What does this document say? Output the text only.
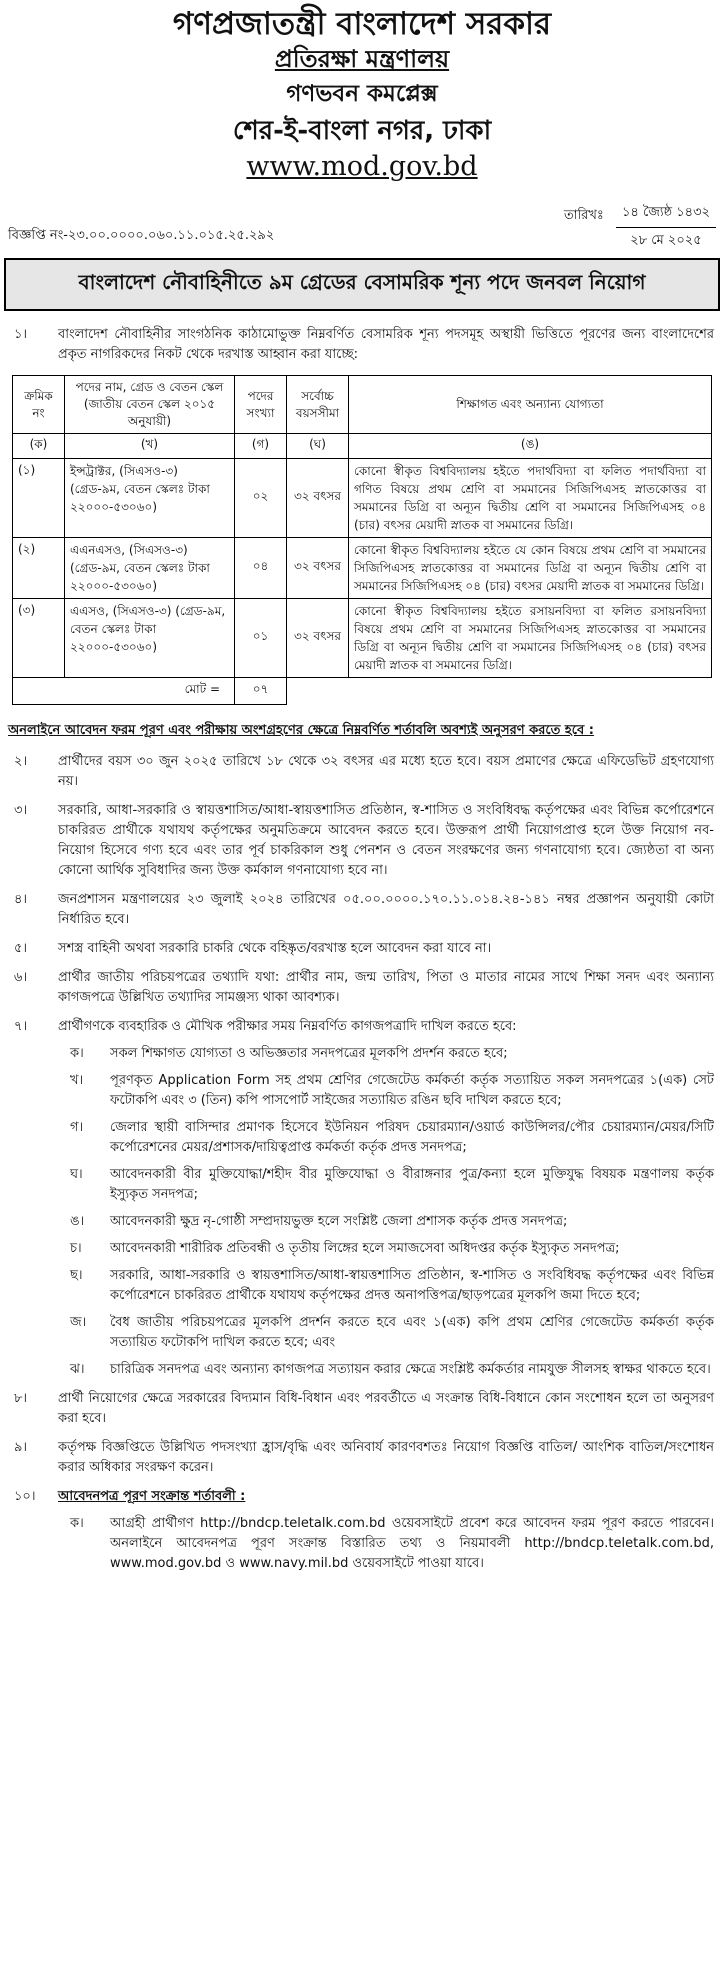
গণপ্রজাতন্ত্রী বাংলাদেশ সরকার
প্রতিরক্ষা মন্ত্রণালয়
গণভবন কমপ্লেক্স
শের-ই-বাংলা নগর, ঢাকা
www.mod.gov.bd
বিজ্ঞপ্তি নং-২৩.০০.০০০০.০৬০.১১.০১৫.২৫.২৯২
তারিখঃ	১৪ জ্যৈষ্ঠ ১৪৩২
২৮ মে ২০২৫
বাংলাদেশ নৌবাহিনীতে ৯ম গ্রেডের বেসামরিক শূন্য পদে জনবল নিয়োগ
১।	বাংলাদেশ নৌবাহিনীর সাংগঠনিক কাঠামোভুক্ত নিম্নবর্ণিত বেসামরিক শূন্য পদসমূহ অস্থায়ী ভিত্তিতে পূরণের জন্য বাংলাদেশের প্রকৃত নাগরিকদের নিকট থেকে দরখাস্ত আহ্বান করা যাচ্ছে:
ক্রমিক নং	পদের নাম, গ্রেড ও বেতন স্কেল (জাতীয় বেতন স্কেল ২০১৫ অনুযায়ী)	পদের সংখ্যা	সর্বোচ্চ বয়সসীমা	শিক্ষাগত এবং অন্যান্য যোগ্যতা
(ক)	(খ)	(গ)	(ঘ)	(ঙ)
(১)	ইন্সট্রাক্টর, (সিএসও-৩) (গ্রেড-৯ম, বেতন স্কেলঃ টাকা ২২০০০-৫৩০৬০)	০২	৩২ বৎসর	কোনো স্বীকৃত বিশ্ববিদ্যালয় হইতে পদার্থবিদ্যা বা ফলিত পদার্থবিদ্যা বা গণিত বিষয়ে প্রথম শ্রেণি বা সমমানের সিজিপিএসহ স্নাতকোত্তর বা সমমানের ডিগ্রি বা অন্যূন দ্বিতীয় শ্রেণি বা সমমানের সিজিপিএসহ ০৪ (চার) বৎসর মেয়াদী স্নাতক বা সমমানের ডিগ্রি।
(২)	এএনএসও, (সিএসও-৩) (গ্রেড-৯ম, বেতন স্কেলঃ টাকা ২২০০০-৫৩০৬০)	০৪	৩২ বৎসর	কোনো স্বীকৃত বিশ্ববিদ্যালয় হইতে যে কোন বিষয়ে প্রথম শ্রেণি বা সমমানের সিজিপিএসহ স্নাতকোত্তর বা সমমানের ডিগ্রি বা অন্যূন দ্বিতীয় শ্রেণি বা সমমানের সিজিপিএসহ ০৪ (চার) বৎসর মেয়াদী স্নাতক বা সমমানের ডিগ্রি।
(৩)	এএসও, (সিএসও-৩) (গ্রেড-৯ম, বেতন স্কেলঃ টাকা ২২০০০-৫৩০৬০)	০১	৩২ বৎসর	কোনো স্বীকৃত বিশ্ববিদ্যালয় হইতে রসায়নবিদ্যা বা ফলিত রসায়নবিদ্যা বিষয়ে প্রথম শ্রেণি বা সমমানের সিজিপিএসহ স্নাতকোত্তর বা সমমানের ডিগ্রি বা অন্যূন দ্বিতীয় শ্রেণি বা সমমানের সিজিপিএসহ ০৪ (চার) বৎসর মেয়াদী স্নাতক বা সমমানের ডিগ্রি।
মোট =		০৭		
অনলাইনে আবেদন ফরম পূরণ এবং পরীক্ষায় অংশগ্রহণের ক্ষেত্রে নিম্নবর্ণিত শর্তাবলি অবশ্যই অনুসরণ করতে হবে :
২।	প্রার্থীদের বয়স ৩০ জুন ২০২৫ তারিখে ১৮ থেকে ৩২ বৎসর এর মধ্যে হতে হবে। বয়স প্রমাণের ক্ষেত্রে এফিডেভিট গ্রহণযোগ্য নয়।
৩।	সরকারি, আধা-সরকারি ও স্বায়ত্তশাসিত/আধা-স্বায়ত্তশাসিত প্রতিষ্ঠান, স্ব-শাসিত ও সংবিধিবদ্ধ কর্তৃপক্ষের এবং বিভিন্ন কর্পোরেশনে চাকরিরত প্রার্থীকে যথাযথ কর্তৃপক্ষের অনুমতিক্রমে আবেদন করতে হবে। উক্তরূপ প্রার্থী নিয়োগপ্রাপ্ত হলে উক্ত নিয়োগ নব-নিয়োগ হিসেবে গণ্য হবে এবং তার পূর্ব চাকরিকাল শুধু পেনশন ও বেতন সংরক্ষণের জন্য গণনাযোগ্য হবে। জ্যেষ্ঠতা বা অন্য কোনো আর্থিক সুবিধাদির জন্য উক্ত কর্মকাল গণনাযোগ্য হবে না।
৪।	জনপ্রশাসন মন্ত্রণালয়ের ২৩ জুলাই ২০২৪ তারিখের ০৫.০০.০০০০.১৭০.১১.০১৪.২৪-১৪১ নম্বর প্রজ্ঞাপন অনুযায়ী কোটা নির্ধারিত হবে।
৫।	সশস্ত্র বাহিনী অথবা সরকারি চাকরি থেকে বহিষ্কৃত/বরখাস্ত হলে আবেদন করা যাবে না।
৬।	প্রার্থীর জাতীয় পরিচয়পত্রের তথ্যাদি যথা: প্রার্থীর নাম, জন্ম তারিখ, পিতা ও মাতার নামের সাথে শিক্ষা সনদ এবং অন্যান্য কাগজপত্রে উল্লিখিত তথ্যাদির সামঞ্জস্য থাকা আবশ্যক।
৭।	প্রার্থীগণকে ব্যবহারিক ও মৌখিক পরীক্ষার সময় নিম্নবর্ণিত কাগজপত্রাদি দাখিল করতে হবে:
ক।	সকল শিক্ষাগত যোগ্যতা ও অভিজ্ঞতার সনদপত্রের মূলকপি প্রদর্শন করতে হবে;
খ।	পূরণকৃত Application Form সহ প্রথম শ্রেণির গেজেটেড কর্মকর্তা কর্তৃক সত্যায়িত সকল সনদপত্রের ১(এক) সেট ফটোকপি এবং ৩ (তিন) কপি পাসপোর্ট সাইজের সত্যায়িত রঙিন ছবি দাখিল করতে হবে;
গ।	জেলার স্থায়ী বাসিন্দার প্রমাণক হিসেবে ইউনিয়ন পরিষদ চেয়ারম্যান/ওয়ার্ড কাউন্সিলর/পৌর চেয়ারম্যান/মেয়র/সিটি কর্পোরেশনের মেয়র/প্রশাসক/দায়িত্বপ্রাপ্ত কর্মকর্তা কর্তৃক প্রদত্ত সনদপত্র;
ঘ।	আবেদনকারী বীর মুক্তিযোদ্ধা/শহীদ বীর মুক্তিযোদ্ধা ও বীরাঙ্গনার পুত্র/কন্যা হলে মুক্তিযুদ্ধ বিষয়ক মন্ত্রণালয় কর্তৃক ইস্যুকৃত সনদপত্র;
ঙ।	আবেদনকারী ক্ষুদ্র নৃ-গোষ্ঠী সম্প্রদায়ভুক্ত হলে সংশ্লিষ্ট জেলা প্রশাসক কর্তৃক প্রদত্ত সনদপত্র;
চ।	আবেদনকারী শারীরিক প্রতিবন্ধী ও তৃতীয় লিঙ্গের হলে সমাজসেবা অধিদপ্তর কর্তৃক ইস্যুকৃত সনদপত্র;
ছ।	সরকারি, আধা-সরকারি ও স্বায়ত্তশাসিত/আধা-স্বায়ত্তশাসিত প্রতিষ্ঠান, স্ব-শাসিত ও সংবিধিবদ্ধ কর্তৃপক্ষের এবং বিভিন্ন কর্পোরেশনে চাকরিরত প্রার্থীকে যথাযথ কর্তৃপক্ষের প্রদত্ত অনাপত্তিপত্র/ছাড়পত্রের মূলকপি জমা দিতে হবে;
জ।	বৈধ জাতীয় পরিচয়পত্রের মূলকপি প্রদর্শন করতে হবে এবং ১(এক) কপি প্রথম শ্রেণির গেজেটেড কর্মকর্তা কর্তৃক সত্যায়িত ফটোকপি দাখিল করতে হবে; এবং
ঝ।	চারিত্রিক সনদপত্র এবং অন্যান্য কাগজপত্র সত্যায়ন করার ক্ষেত্রে সংশ্লিষ্ট কর্মকর্তার নামযুক্ত সীলসহ স্বাক্ষর থাকতে হবে।
৮।	প্রার্থী নিয়োগের ক্ষেত্রে সরকারের বিদ্যমান বিধি-বিধান এবং পরবর্তীতে এ সংক্রান্ত বিধি-বিধানে কোন সংশোধন হলে তা অনুসরণ করা হবে।
৯।	কর্তৃপক্ষ বিজ্ঞপ্তিতে উল্লিখিত পদসংখ্যা হ্রাস/বৃদ্ধি এবং অনিবার্য কারণবশতঃ নিয়োগ বিজ্ঞপ্তি বাতিল/ আংশিক বাতিল/সংশোধন করার অধিকার সংরক্ষণ করেন।
১০।	আবেদনপত্র পূরণ সংক্রান্ত শর্তাবলী :
ক।	আগ্রহী প্রার্থীগণ http://bndcp.teletalk.com.bd ওয়েবসাইটে প্রবেশ করে আবেদন ফরম পূরণ করতে পারবেন। অনলাইনে আবেদনপত্র পূরণ সংক্রান্ত বিস্তারিত তথ্য ও নিয়মাবলী http://bndcp.teletalk.com.bd, www.mod.gov.bd ও www.navy.mil.bd ওয়েবসাইটে পাওয়া যাবে।
